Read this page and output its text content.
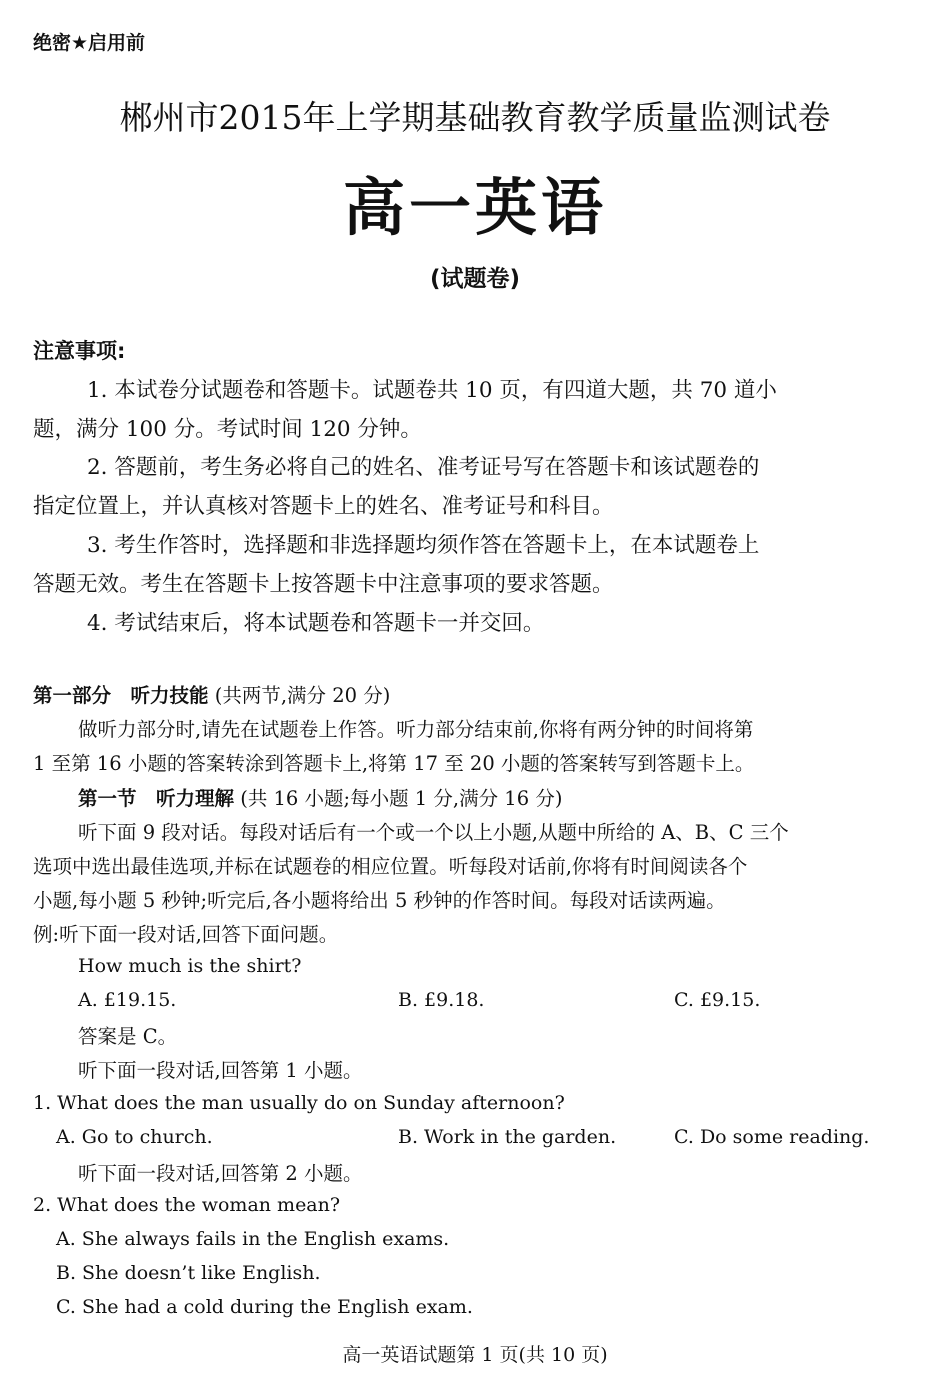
绝密★启用前
郴州市2015年上学期基础教育教学质量监测试卷
高一英语
(试题卷)
注意事项:
1. 本试卷分试题卷和答题卡。试题卷共 10 页，有四道大题，共 70 道小
题，满分 100 分。考试时间 120 分钟。
2. 答题前，考生务必将自己的姓名、准考证号写在答题卡和该试题卷的
指定位置上，并认真核对答题卡上的姓名、准考证号和科目。
3. 考生作答时，选择题和非选择题均须作答在答题卡上，在本试题卷上
答题无效。考生在答题卡上按答题卡中注意事项的要求答题。
4. 考试结束后，将本试题卷和答题卡一并交回。
第一部分　听力技能 (共两节,满分 20 分)
做听力部分时,请先在试题卷上作答。听力部分结束前,你将有两分钟的时间将第
1 至第 16 小题的答案转涂到答题卡上,将第 17 至 20 小题的答案转写到答题卡上。
第一节　听力理解 (共 16 小题;每小题 1 分,满分 16 分)
听下面 9 段对话。每段对话后有一个或一个以上小题,从题中所给的 A、B、C 三个
选项中选出最佳选项,并标在试题卷的相应位置。听每段对话前,你将有时间阅读各个
小题,每小题 5 秒钟;听完后,各小题将给出 5 秒钟的作答时间。每段对话读两遍。
例:听下面一段对话,回答下面问题。
How much is the shirt?
A. £19.15.	B. £9.18.	C. £9.15.
答案是 C。
听下面一段对话,回答第 1 小题。
1. What does the man usually do on Sunday afternoon?
A. Go to church.	B. Work in the garden.	C. Do some reading.
听下面一段对话,回答第 2 小题。
2. What does the woman mean?
A. She always fails in the English exams.
B. She doesn’t like English.
C. She had a cold during the English exam.
高一英语试题第 1 页(共 10 页)
